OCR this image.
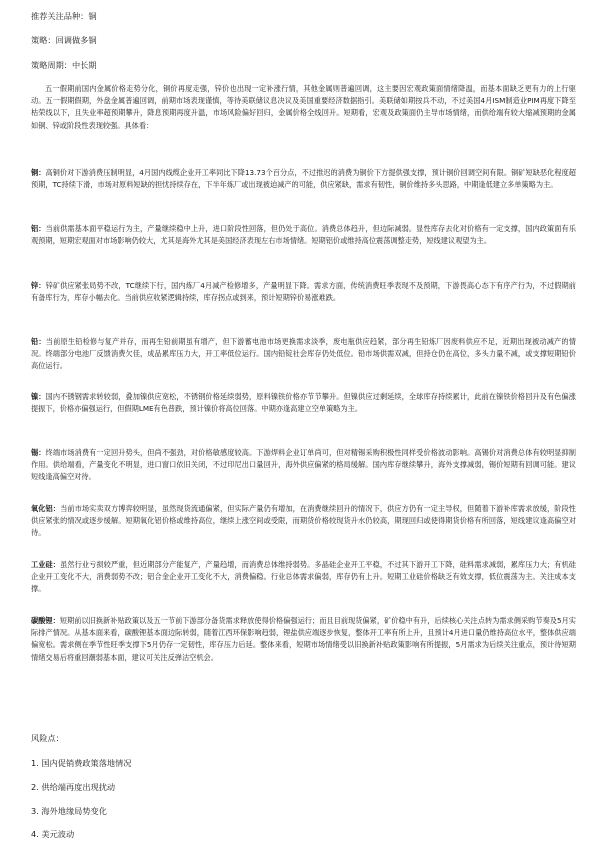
推荐关注品种：铜
策略：回调做多铜
策略周期：中长期

五一假期前国内金属价格走势分化，铜价再度走强，锌价也出现一定补涨行情，其他金属则普遍回调，这主要因宏观政策面情绪降温，而基本面缺乏更有力的上行驱动。五一假期假期，外盘金属普遍回调，前期市场表现谨慎，等待美联储议息决议及美国重要经济数据指引。美联储如期按兵不动，不过美国4月ISM制造业PIM再度下降至枯荣线以下，且失业率超预期攀升，降息预期再度升温，市场风险偏好回归，金属价格全线回升。短期看，宏观及政策面仍主导市场情绪，而供给端有较大缩减预期的金属如铜、锌或阶段性表现较强。具体看：

铜：高铜价对下游消费压制明显，4月国内线缆企业开工率同比下降13.73个百分点，不过推迟的消费为铜价下方提供强支撑，预计铜价回调空间有限。铜矿短缺恶化程度超预期，TC持续下滑，市场对原料短缺的担忧持续存在，下半年炼厂或出现被迫减产的可能，供应紧缺，需求有韧性，铜价维持多头思路，中期逢低建立多单策略为主。

铝：当前供需基本面平稳运行为主，产量继续稳中上升，进口阶段性回落，但仍处于高位。消费总体趋升，但边际减弱。显性库存去化对价格有一定支撑，国内政策面有乐观预期，短期宏观面对市场影响仍较大，尤其是海外尤其是美国经济表现左右市场情绪。短期铝价或维持高位震荡调整走势，短线建议观望为主。

锌：锌矿供应紧张局势不改，TC继续下行，国内炼厂4月减产检修增多，产量明显下降。需求方面，传统消费旺季表现不及预期，下游畏高心态下有序产行为，不过假期前有备库行为，库存小幅去化。当前供应收紧逻辑持续，库存拐点或到来，预计短期锌价易涨难跌。

铅：当前原生铅检修与复产并存，而再生铅前期虽有增产，但下游蓄电池市场更换需求淡季，废电瓶供应趋紧，部分再生铅炼厂因废料供应不足，近期出现被动减产的情况。终端部分电池厂反馈消费欠佳，成品累库压力大，开工率低位运行。国内铅锭社会库存仍处低位。铅市场供需双减，但持仓仍在高位，多头力量不减，或支撑短期铅价高位运行。

镍：国内不锈钢需求转较弱，叠加镍供应宽松，不锈钢价格延续弱势，原料镍铁价格亦节节攀升。但镍供应过剩延续，全球库存持续累计，此前在镍铁价格回升及有色偏涨提振下，价格亦偏强运行，但假期LME有色普跌，预计镍价将高位回落。中期亦逢高建立空单策略为主。

锡：终端市场消费有一定回升势头，但尚不强劲，对价格敏感度较高。下游焊料企业订单尚可，但对精锡采购积极性同样受价格波动影响。高锡价对消费总体有较明显抑制作用。供给端看，产量变化不明显，进口窗口依旧关闭，不过印尼出口量回升，海外供应偏紧的格局缓解。国内库存继续攀升，海外支撑减弱，锡价短期有回调可能。建议短线逢高偏空对待。

氧化铝：当前市场实卖双方博弈较明显，虽然现货流通偏紧，但实际产量仍有增加，在消费继续回升的情况下，供应方仍有一定主导权，但随着下游补库需求放缓，阶段性供应紧张的情况或逐步缓解。短期氧化铝价格或维持高位，继续上涨空间或受限，而期货价格较现货升水仍较高，期现回归或使得期货价格有所回落，短线建议逢高偏空对待。

工业硅：虽然行业亏损较严重，但近期部分产能复产，产量趋增，而消费总体维持弱势。多晶硅企业开工平稳，不过其下游开工下降，硅料需求减弱，累库压力大；有机硅企业开工变化不大，消费弱势不改；铝合金企业开工变化不大，消费偏稳。行业总体需求偏弱，库存仍有上升。短期工业硅价格缺乏有效支撑，低位震荡为主。关注成本支撑。

碳酸锂：短期前以旧换新补贴政策以及五一节前下游部分备货需求释放使得价格偏强运行；而且目前现货偏紧，矿价稳中有升，后续核心关注点转为需求侧采购节奏及5月实际排产情况。从基本面来看，碳酸锂基本面边际转弱，随着江西环保影响趋弱，锂盐供应端逐步恢复，整体开工率有所上升，且预计4月进口量仍维持高位水平，整体供应端偏宽松。需求侧在季节性旺季支撑下5月仍存一定韧性，库存压力后延。整体来看，短期市场情绪受以旧换新补贴政策影响有所提振，5月需求为后续关注重点，预计待短期情绪交易后将重回潮弱基本面，建议可关注反弹沽空机会。

风险点：
1. 国内促销费政策落地情况
2. 供给端再度出现扰动
3. 海外地缘局势变化
4. 美元波动
